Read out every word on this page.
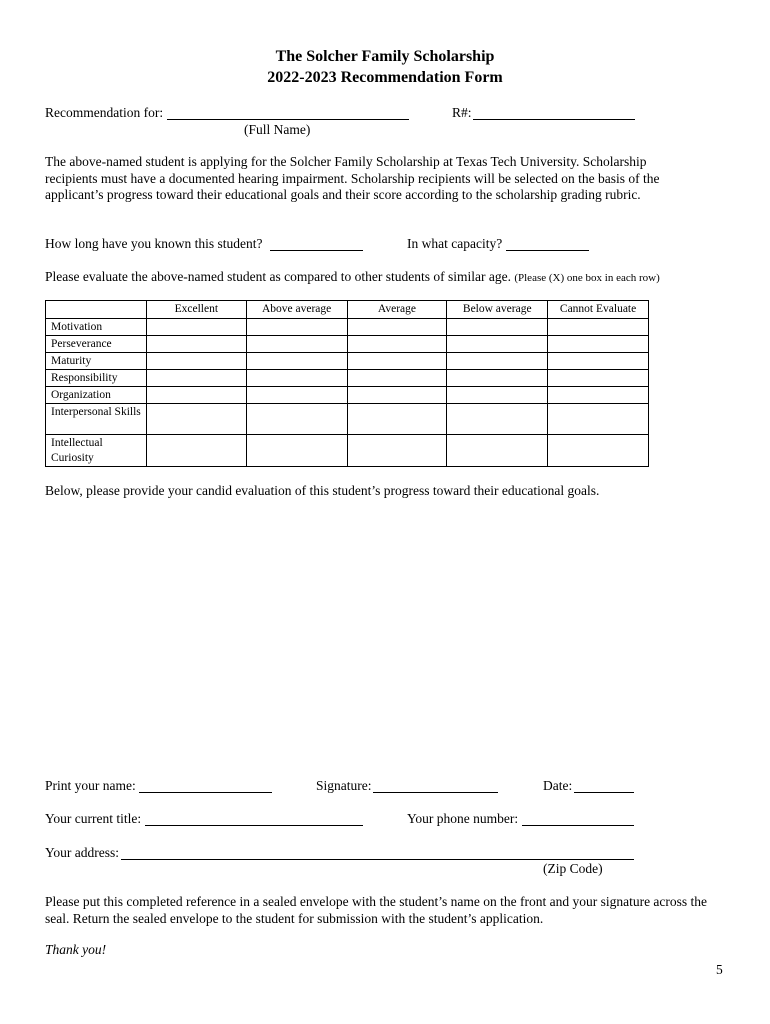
The Solcher Family Scholarship
2022-2023 Recommendation Form
Recommendation for:
(Full Name)
R#:
The above-named student is applying for the Solcher Family Scholarship at Texas Tech University. Scholarship recipients must have a documented hearing impairment. Scholarship recipients will be selected on the basis of the applicant’s progress toward their educational goals and their score according to the scholarship grading rubric.
How long have you known this student?	In what capacity?
Please evaluate the above-named student as compared to other students of similar age. (Please (X) one box in each row)
	Excellent	Above average	Average	Below average	Cannot Evaluate
Motivation					
Perseverance					
Maturity					
Responsibility					
Organization					
Interpersonal Skills					
Intellectual Curiosity					
Below, please provide your candid evaluation of this student’s progress toward their educational goals.
Print your name:	Signature:	Date:
Your current title:	Your phone number:
Your address:
(Zip Code)
Please put this completed reference in a sealed envelope with the student’s name on the front and your signature across the seal. Return the sealed envelope to the student for submission with the student’s application.
Thank you!
5
